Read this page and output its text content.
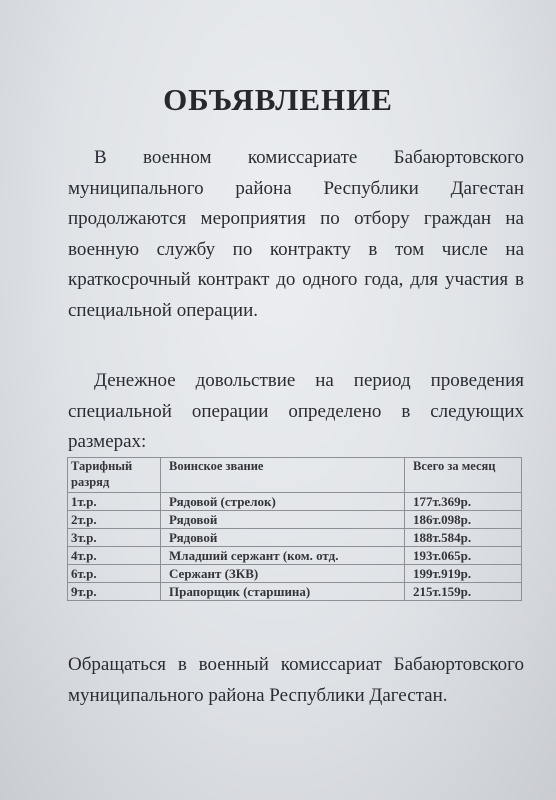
ОБЪЯВЛЕНИЕ
В военном комиссариате Бабаюртовского муниципального района Республики Дагестан продолжаются мероприятия по отбору граждан на военную службу по контракту в том числе на краткосрочный контракт до одного года, для участия в специальной операции.
Денежное довольствие на период проведения специальной операции определено в следующих размерах:
Тарифный разряд	Воинское звание	Всего за месяц
1т.р.	Рядовой (стрелок)	177т.369р.
2т.р.	Рядовой	186т.098р.
3т.р.	Рядовой	188т.584р.
4т.р.	Младший сержант (ком. отд.	193т.065р.
6т.р.	Сержант (ЗКВ)	199т.919р.
9т.р.	Прапорщик (старшина)	215т.159р.
Обращаться в военный комиссариат Бабаюртовского муниципального района Республики Дагестан.
